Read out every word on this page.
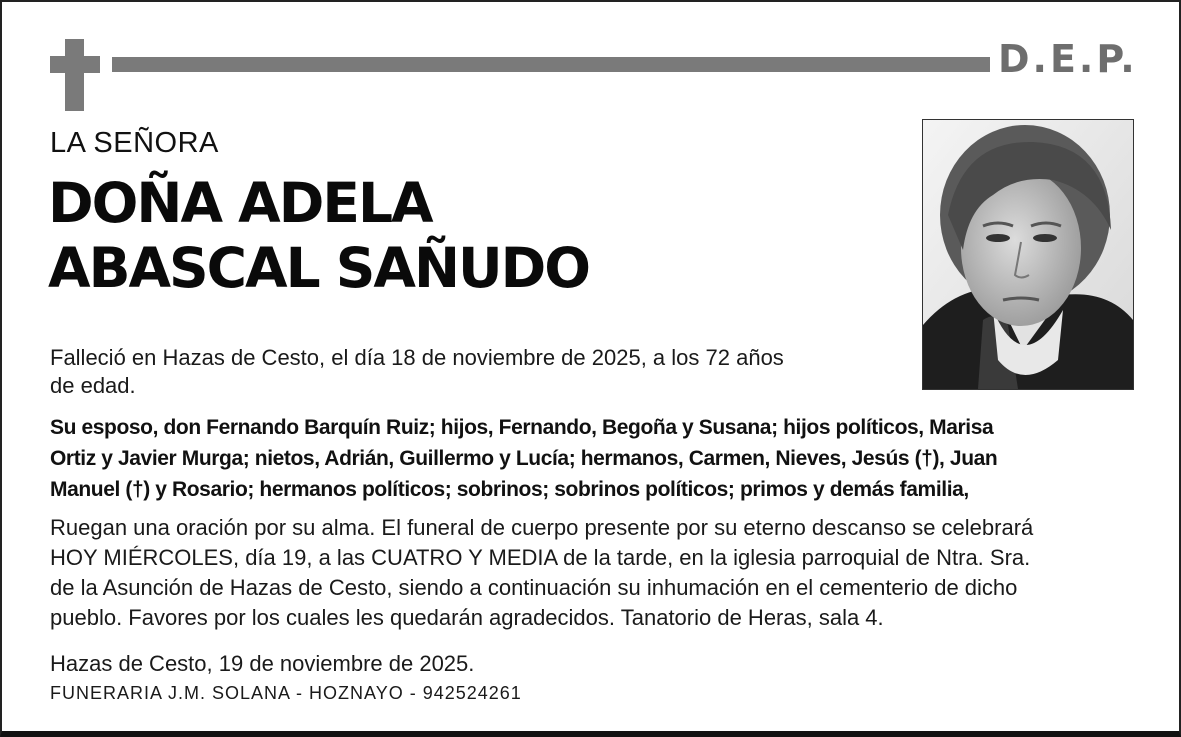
D.E.P.
LA SEÑORA
DOÑA ADELA
ABASCAL SAÑUDO
Falleció en Hazas de Cesto, el día 18 de noviembre de 2025, a los 72 años
de edad.
Su esposo, don Fernando Barquín Ruiz; hijos, Fernando, Begoña y Susana; hijos políticos, Marisa
Ortiz y Javier Murga; nietos, Adrián, Guillermo y Lucía; hermanos, Carmen, Nieves, Jesús (†), Juan
Manuel (†) y Rosario; hermanos políticos; sobrinos; sobrinos políticos; primos y demás familia,
Ruegan una oración por su alma. El funeral de cuerpo presente por su eterno descanso se celebrará
HOY MIÉRCOLES, día 19, a las CUATRO Y MEDIA de la tarde, en la iglesia parroquial de Ntra. Sra.
de la Asunción de Hazas de Cesto, siendo a continuación su inhumación en el cementerio de dicho
pueblo. Favores por los cuales les quedarán agradecidos. Tanatorio de Heras, sala 4.
Hazas de Cesto, 19 de noviembre de 2025.
FUNERARIA J.M. SOLANA - HOZNAYO - 942524261
